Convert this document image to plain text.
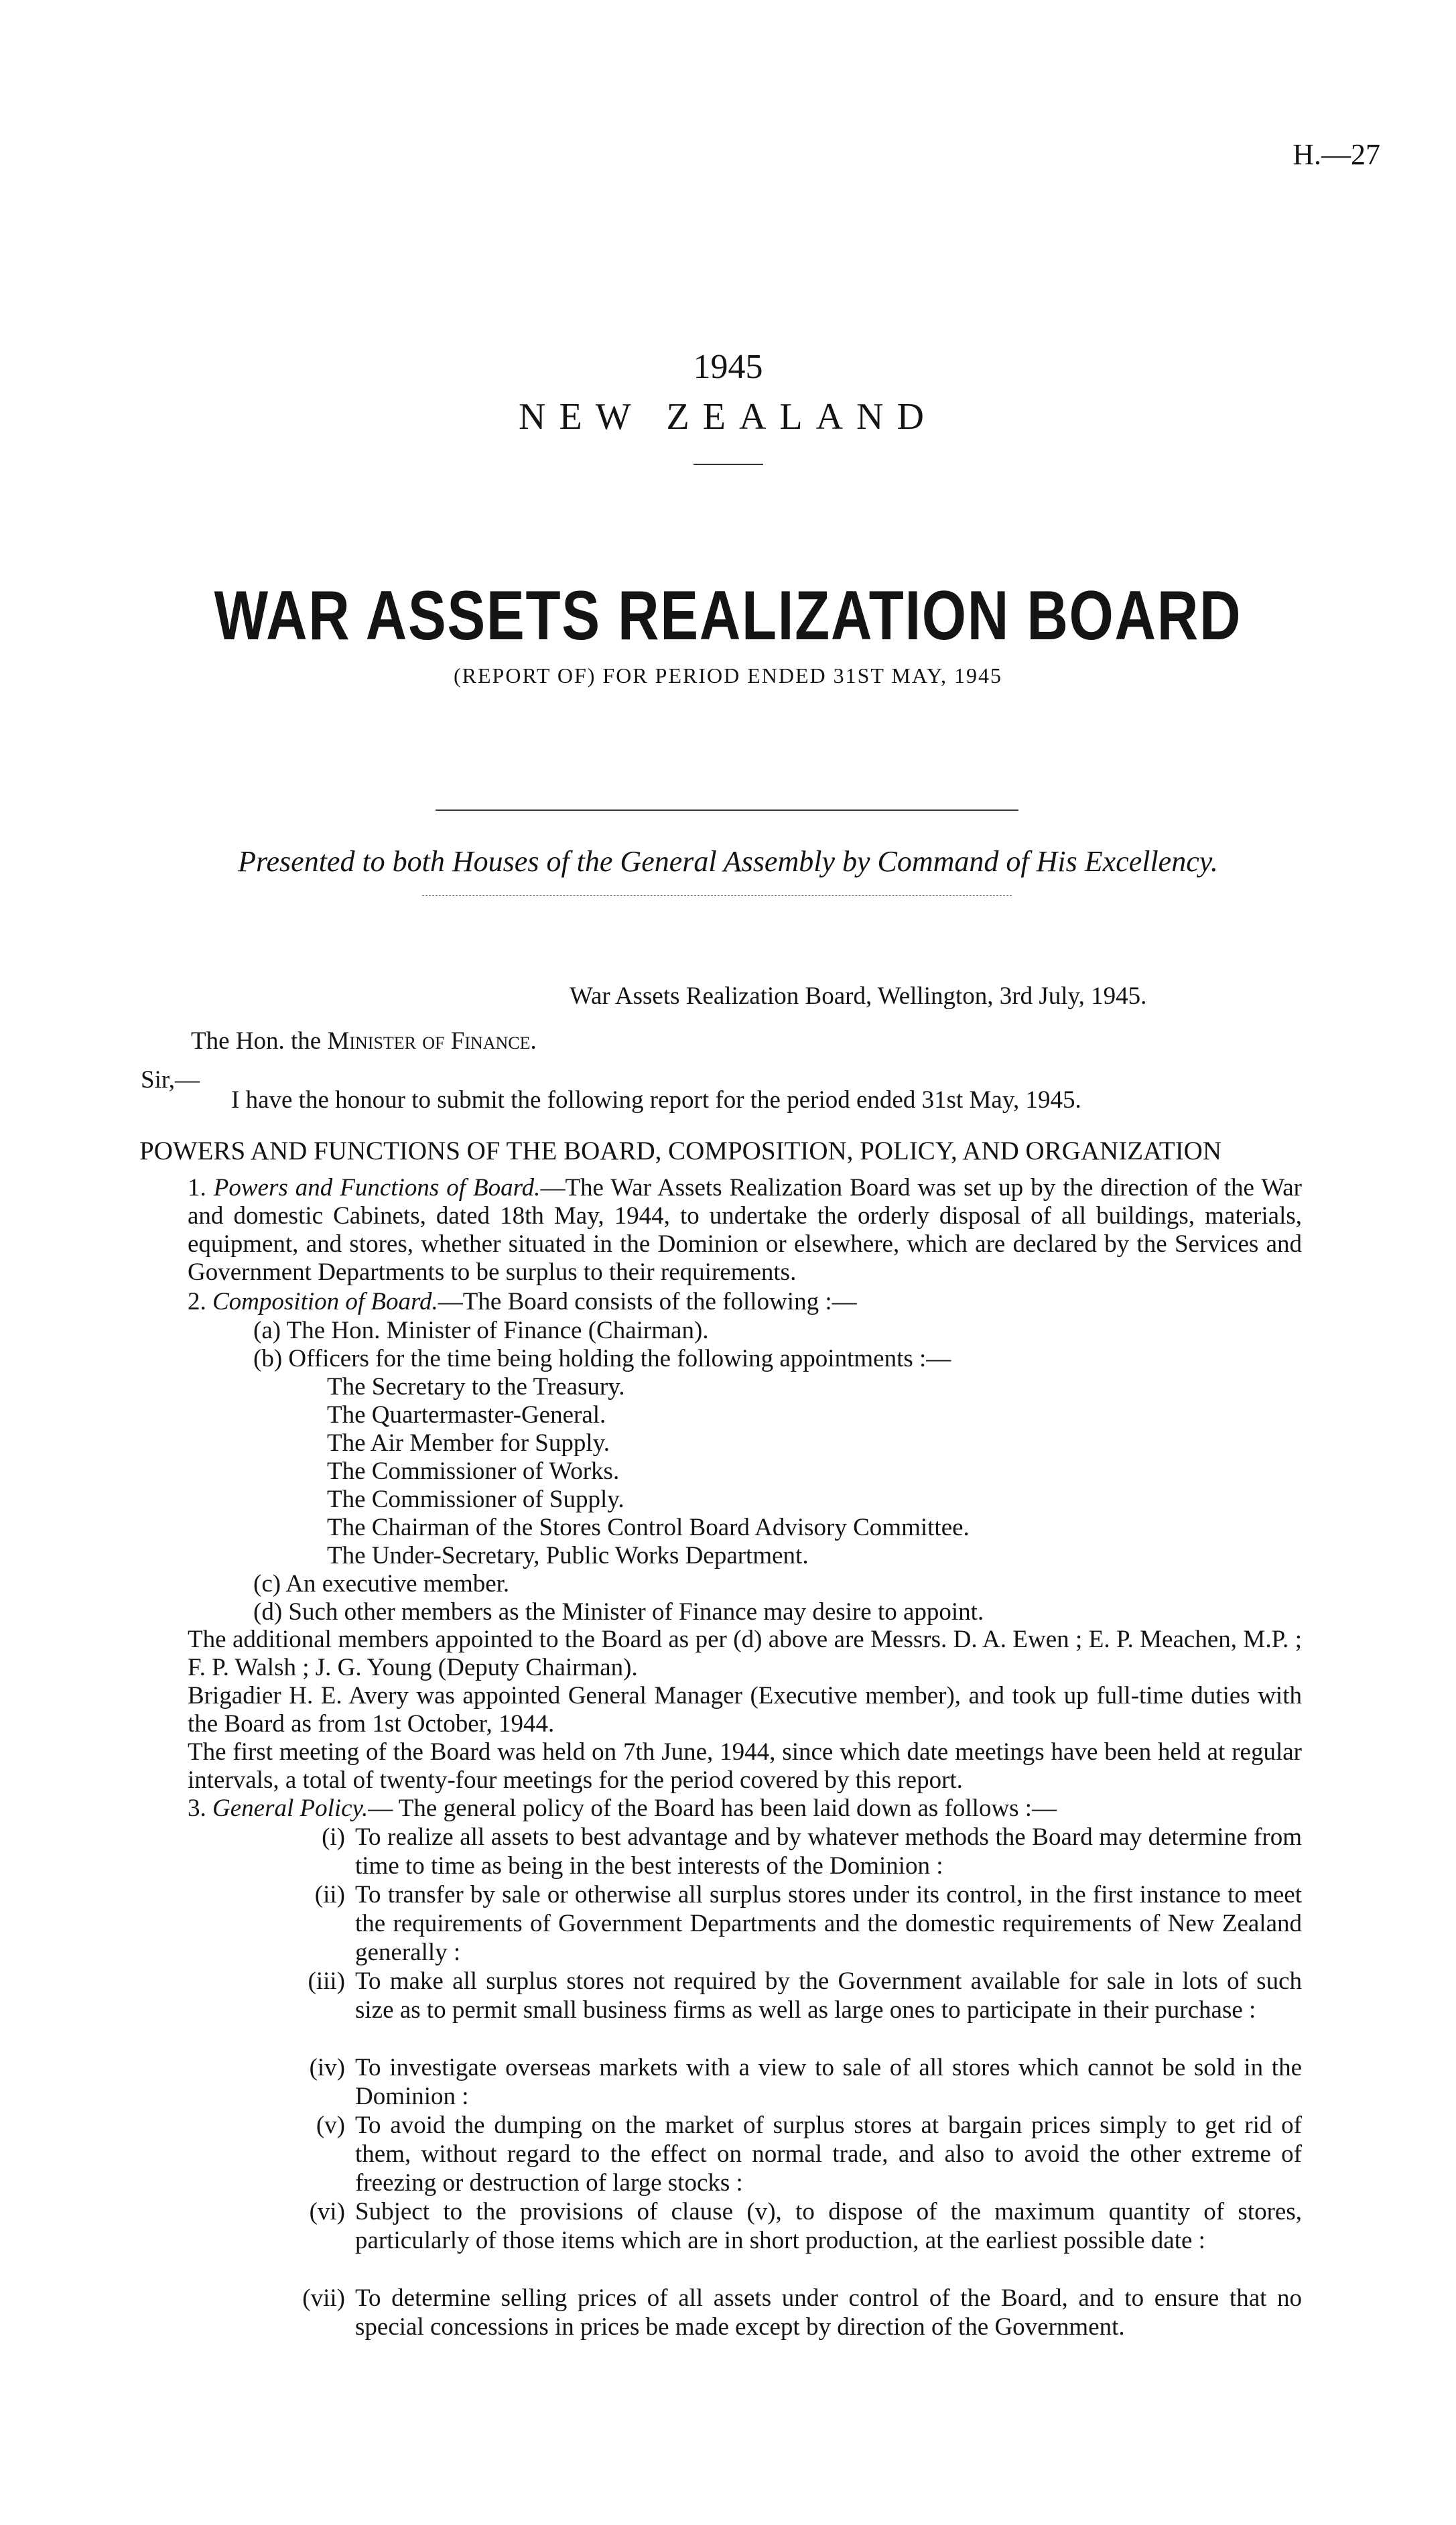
H.—27
1945
NEW ZEALAND
WAR ASSETS REALIZATION BOARD
(REPORT OF) FOR PERIOD ENDED 31ST MAY, 1945
Presented to both Houses of the General Assembly by Command of His Excellency.
War Assets Realization Board, Wellington, 3rd July, 1945.
The Hon. the Minister of Finance.
Sir,—
I have the honour to submit the following report for the period ended 31st May, 1945.
POWERS AND FUNCTIONS OF THE BOARD, COMPOSITION, POLICY, AND ORGANIZATION
1. Powers and Functions of Board.—The War Assets Realization Board was set up by the direction of the War and domestic Cabinets, dated 18th May, 1944, to undertake the orderly disposal of all buildings, materials, equipment, and stores, whether situated in the Dominion or elsewhere, which are declared by the Services and Government Departments to be surplus to their requirements.
2. Composition of Board.—The Board consists of the following :—
(a) The Hon. Minister of Finance (Chairman).
(b) Officers for the time being holding the following appointments :—
The Secretary to the Treasury.
The Quartermaster-General.
The Air Member for Supply.
The Commissioner of Works.
The Commissioner of Supply.
The Chairman of the Stores Control Board Advisory Committee.
The Under-Secretary, Public Works Department.
(c) An executive member.
(d) Such other members as the Minister of Finance may desire to appoint.
The additional members appointed to the Board as per (d) above are Messrs. D. A. Ewen ; E. P. Meachen, M.P. ; F. P. Walsh ; J. G. Young (Deputy Chairman).
Brigadier H. E. Avery was appointed General Manager (Executive member), and took up full-time duties with the Board as from 1st October, 1944.
The first meeting of the Board was held on 7th June, 1944, since which date meetings have been held at regular intervals, a total of twenty-four meetings for the period covered by this report.
3. General Policy.— The general policy of the Board has been laid down as follows :—
(i) To realize all assets to best advantage and by whatever methods the Board may determine from time to time as being in the best interests of the Dominion :
(ii) To transfer by sale or otherwise all surplus stores under its control, in the first instance to meet the requirements of Government Departments and the domestic requirements of New Zealand generally :
(iii) To make all surplus stores not required by the Government available for sale in lots of such size as to permit small business firms as well as large ones to participate in their purchase :
(iv) To investigate overseas markets with a view to sale of all stores which cannot be sold in the Dominion :
(v) To avoid the dumping on the market of surplus stores at bargain prices simply to get rid of them, without regard to the effect on normal trade, and also to avoid the other extreme of freezing or destruction of large stocks :
(vi) Subject to the provisions of clause (v), to dispose of the maximum quantity of stores, particularly of those items which are in short production, at the earliest possible date :
(vii) To determine selling prices of all assets under control of the Board, and to ensure that no special concessions in prices be made except by direction of the Government.
